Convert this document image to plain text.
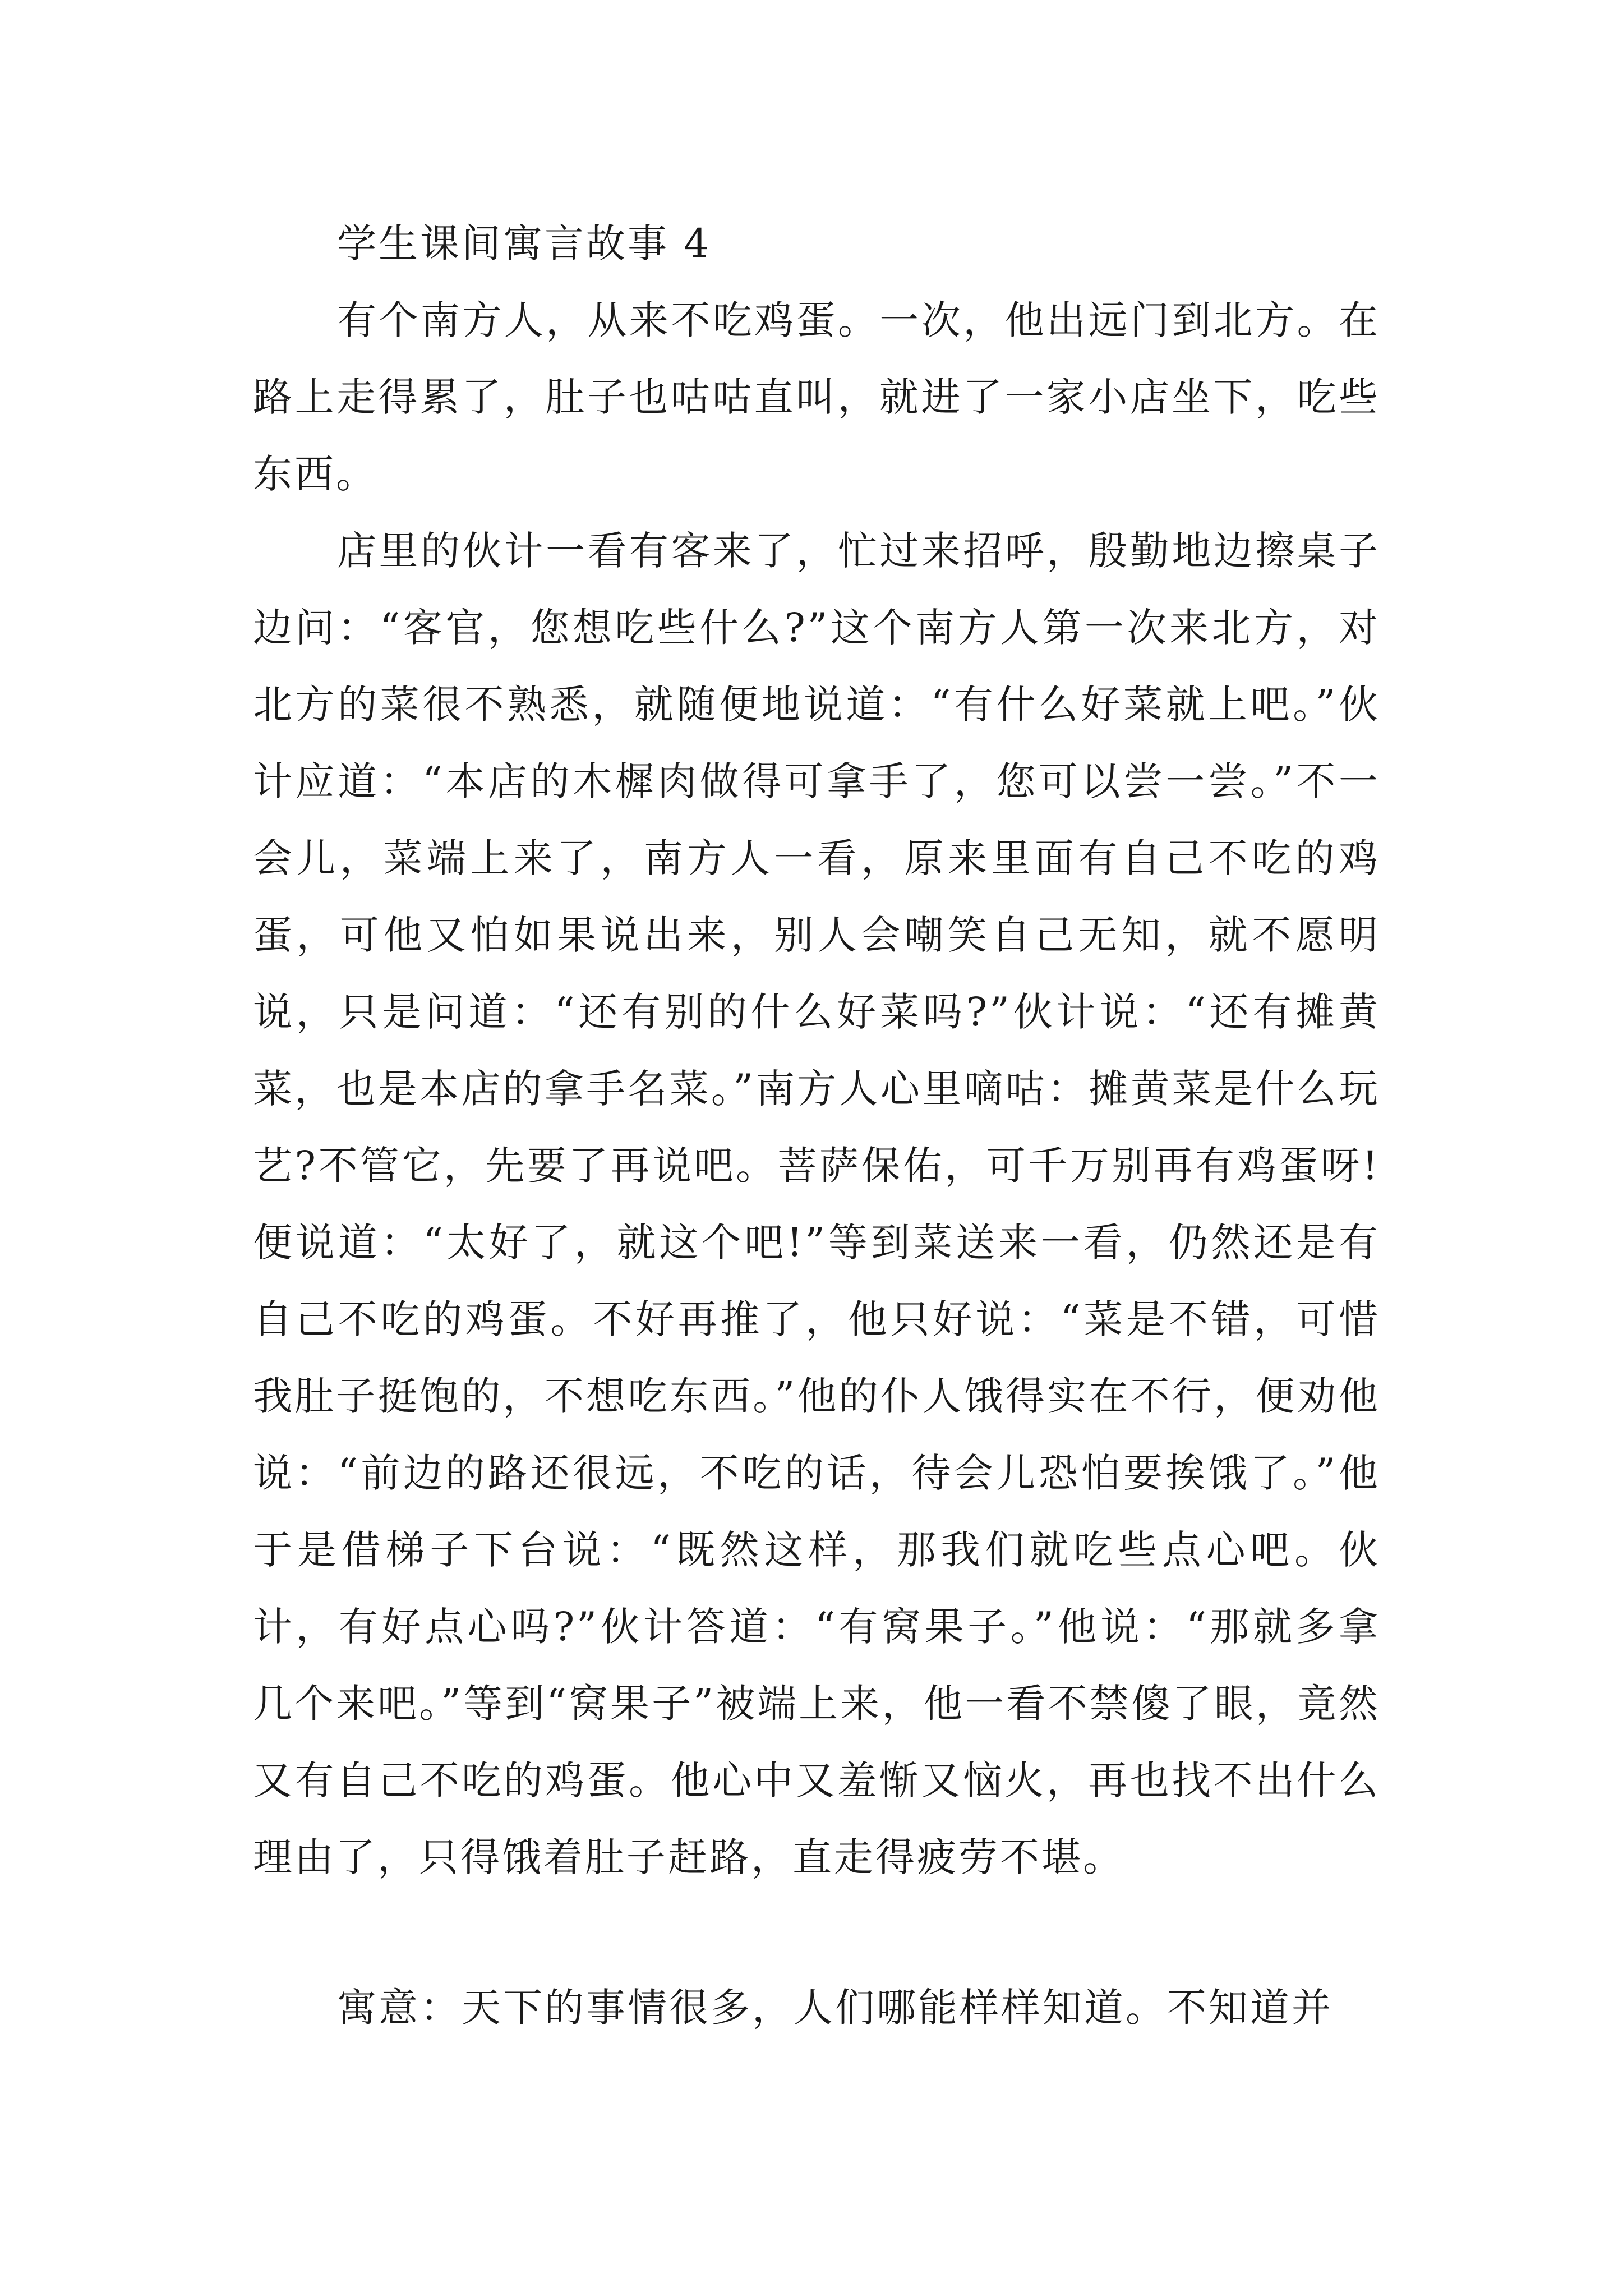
学生课间寓言故事 4

有个南方人，从来不吃鸡蛋。一次，他出远门到北方。在路上走得累了，肚子也咕咕直叫，就进了一家小店坐下，吃些东西。

店里的伙计一看有客来了，忙过来招呼，殷勤地边擦桌子边问：“客官，您想吃些什么?”这个南方人第一次来北方，对北方的菜很不熟悉，就随便地说道：“有什么好菜就上吧。”伙计应道：“本店的木樨肉做得可拿手了，您可以尝一尝。”不一会儿，菜端上来了，南方人一看，原来里面有自己不吃的鸡蛋，可他又怕如果说出来，别人会嘲笑自己无知，就不愿明说，只是问道：“还有别的什么好菜吗?”伙计说：“还有摊黄菜，也是本店的拿手名菜。”南方人心里嘀咕：摊黄菜是什么玩艺?不管它，先要了再说吧。菩萨保佑，可千万别再有鸡蛋呀!便说道：“太好了，就这个吧!”等到菜送来一看，仍然还是有自己不吃的鸡蛋。不好再推了，他只好说：“菜是不错，可惜我肚子挺饱的，不想吃东西。”他的仆人饿得实在不行，便劝他说：“前边的路还很远，不吃的话，待会儿恐怕要挨饿了。”他于是借梯子下台说：“既然这样，那我们就吃些点心吧。伙计，有好点心吗?”伙计答道：“有窝果子。”他说：“那就多拿几个来吧。”等到“窝果子”被端上来，他一看不禁傻了眼，竟然又有自己不吃的鸡蛋。他心中又羞惭又恼火，再也找不出什么理由了，只得饿着肚子赶路，直走得疲劳不堪。

寓意：天下的事情很多，人们哪能样样知道。不知道并
